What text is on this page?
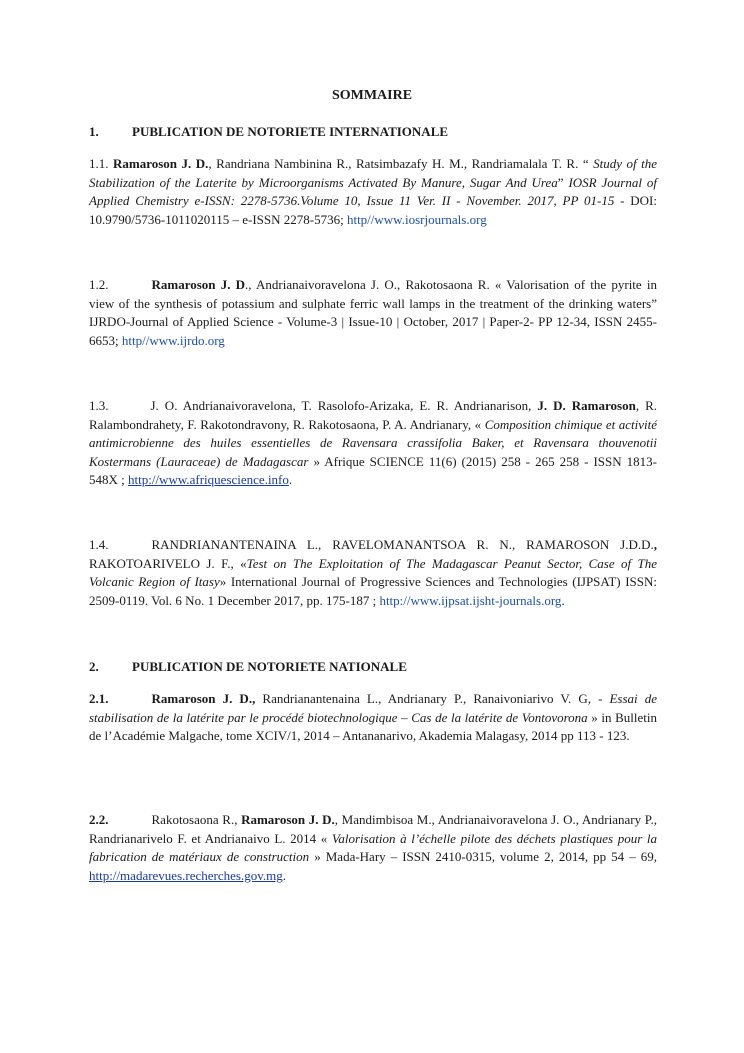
SOMMAIRE

1.	PUBLICATION DE NOTORIETE INTERNATIONALE

1.1. Ramaroson J. D., Randriana Nambinina R., Ratsimbazafy H. M., Randriamalala T. R. “ Study of the Stabilization of the Laterite by Microorganisms Activated By Manure, Sugar And Urea” IOSR Journal of Applied Chemistry e-ISSN: 2278-5736.Volume 10, Issue 11 Ver. II - November. 2017, PP 01-15 - DOI: 10.9790/5736-1011020115 – e-ISSN 2278-5736; http//www.iosrjournals.org

1.2.	Ramaroson J. D., Andrianaivoravelona J. O., Rakotosaona R. « Valorisation of the pyrite in view of the synthesis of potassium and sulphate ferric wall lamps in the treatment of the drinking waters” IJRDO-Journal of Applied Science - Volume-3 | Issue-10 | October, 2017 | Paper-2- PP 12-34, ISSN 2455-6653; http//www.ijrdo.org

1.3.	J. O. Andrianaivoravelona, T. Rasolofo-Arizaka, E. R. Andrianarison, J. D. Ramaroson, R. Ralambondrahety, F. Rakotondravony, R. Rakotosaona, P. A. Andrianary, « Composition chimique et activité antimicrobienne des huiles essentielles de Ravensara crassifolia Baker, et Ravensara thouvenotii Kostermans (Lauraceae) de Madagascar » Afrique SCIENCE 11(6) (2015) 258 - 265 258 - ISSN 1813-548X ; http://www.afriquescience.info.

1.4.	RANDRIANANTENAINA L., RAVELOMANANTSOA R. N., RAMAROSON J.D.D., RAKOTOARIVELO J. F., «Test on The Exploitation of The Madagascar Peanut Sector, Case of The Volcanic Region of Itasy» International Journal of Progressive Sciences and Technologies (IJPSAT) ISSN: 2509-0119. Vol. 6 No. 1 December 2017, pp. 175-187 ; http://www.ijpsat.ijsht-journals.org.

2.	PUBLICATION DE NOTORIETE NATIONALE

2.1.	Ramaroson J. D., Randrianantenaina L., Andrianary P., Ranaivoniarivo V. G, - Essai de stabilisation de la latérite par le procédé biotechnologique – Cas de la latérite de Vontovorona » in Bulletin de l’Académie Malgache, tome XCIV/1, 2014 – Antananarivo, Akademia Malagasy, 2014 pp 113 - 123.

2.2.	Rakotosaona R., Ramaroson J. D., Mandimbisoa M., Andrianaivoravelona J. O., Andrianary P., Randrianarivelo F. et Andrianaivo L. 2014 « Valorisation à l’échelle pilote des déchets plastiques pour la fabrication de matériaux de construction » Mada-Hary – ISSN 2410-0315, volume 2, 2014, pp 54 – 69, http://madarevues.recherches.gov.mg.
